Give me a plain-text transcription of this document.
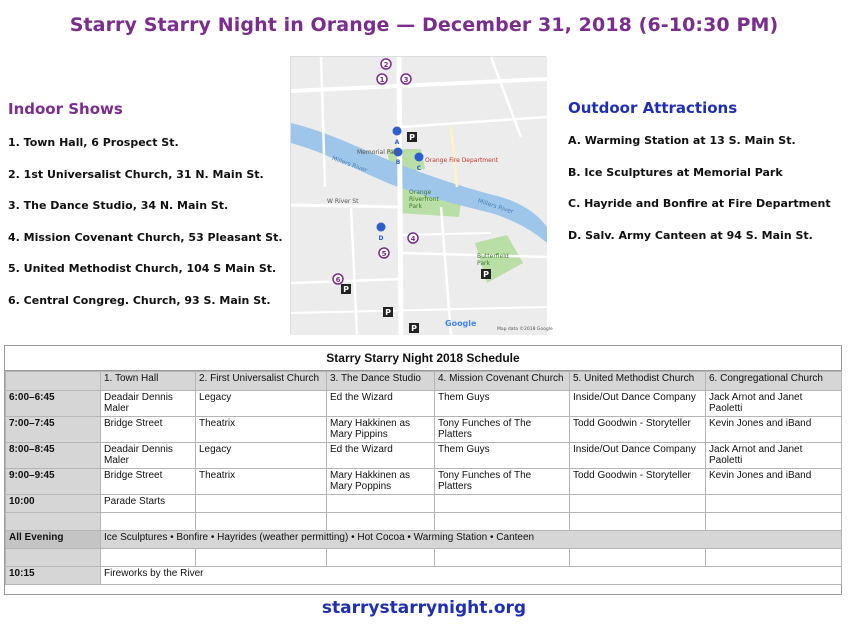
Starry Starry Night in Orange — December 31, 2018 (6-10:30 PM)
Indoor Shows
1. Town Hall, 6 Prospect St.
2. 1st Universalist Church, 31 N. Main St.
3. The Dance Studio, 34 N. Main St.
4. Mission Covenant Church, 53 Pleasant St.
5. United Methodist Church, 104 S Main St.
6. Central Congreg. Church, 93 S. Main St.
Outdoor Attractions
A. Warming Station at 13 S. Main St.
B. Ice Sculptures at Memorial Park
C. Hayride and Bonfire at Fire Department
D. Salv. Army Canteen at 94 S. Main St.
1
2
3
4
5
6
A
B
C
D
P
P
P
P
P
Memorial Park
Orange Fire Department
Millers River
Millers River
Orange Riverfront Park
Butterfield Park
W River St
Google
Map data ©2018 Google
Starry Starry Night 2018 Schedule
	1. Town Hall	2. First Universalist Church	3. The Dance Studio	4. Mission Covenant Church	5. United Methodist Church	6. Congregational Church
6:00–6:45	Deadair Dennis Maler	Legacy	Ed the Wizard	Them Guys	Inside/Out Dance Company	Jack Arnot and Janet Paoletti
7:00–7:45	Bridge Street	Theatrix	Mary Hakkinen as Mary Pippins	Tony Funches of The Platters	Todd Goodwin - Storyteller	Kevin Jones and iBand
8:00–8:45	Deadair Dennis Maler	Legacy	Ed the Wizard	Them Guys	Inside/Out Dance Company	Jack Arnot and Janet Paoletti
9:00–9:45	Bridge Street	Theatrix	Mary Hakkinen as Mary Poppins	Tony Funches of The Platters	Todd Goodwin - Storyteller	Kevin Jones and iBand
10:00	Parade Starts					

All Evening	Ice Sculptures • Bonfire • Hayrides (weather permitting) • Hot Cocoa • Warming Station • Canteen					

10:15	Fireworks by the River					
starrystarrynight.org
